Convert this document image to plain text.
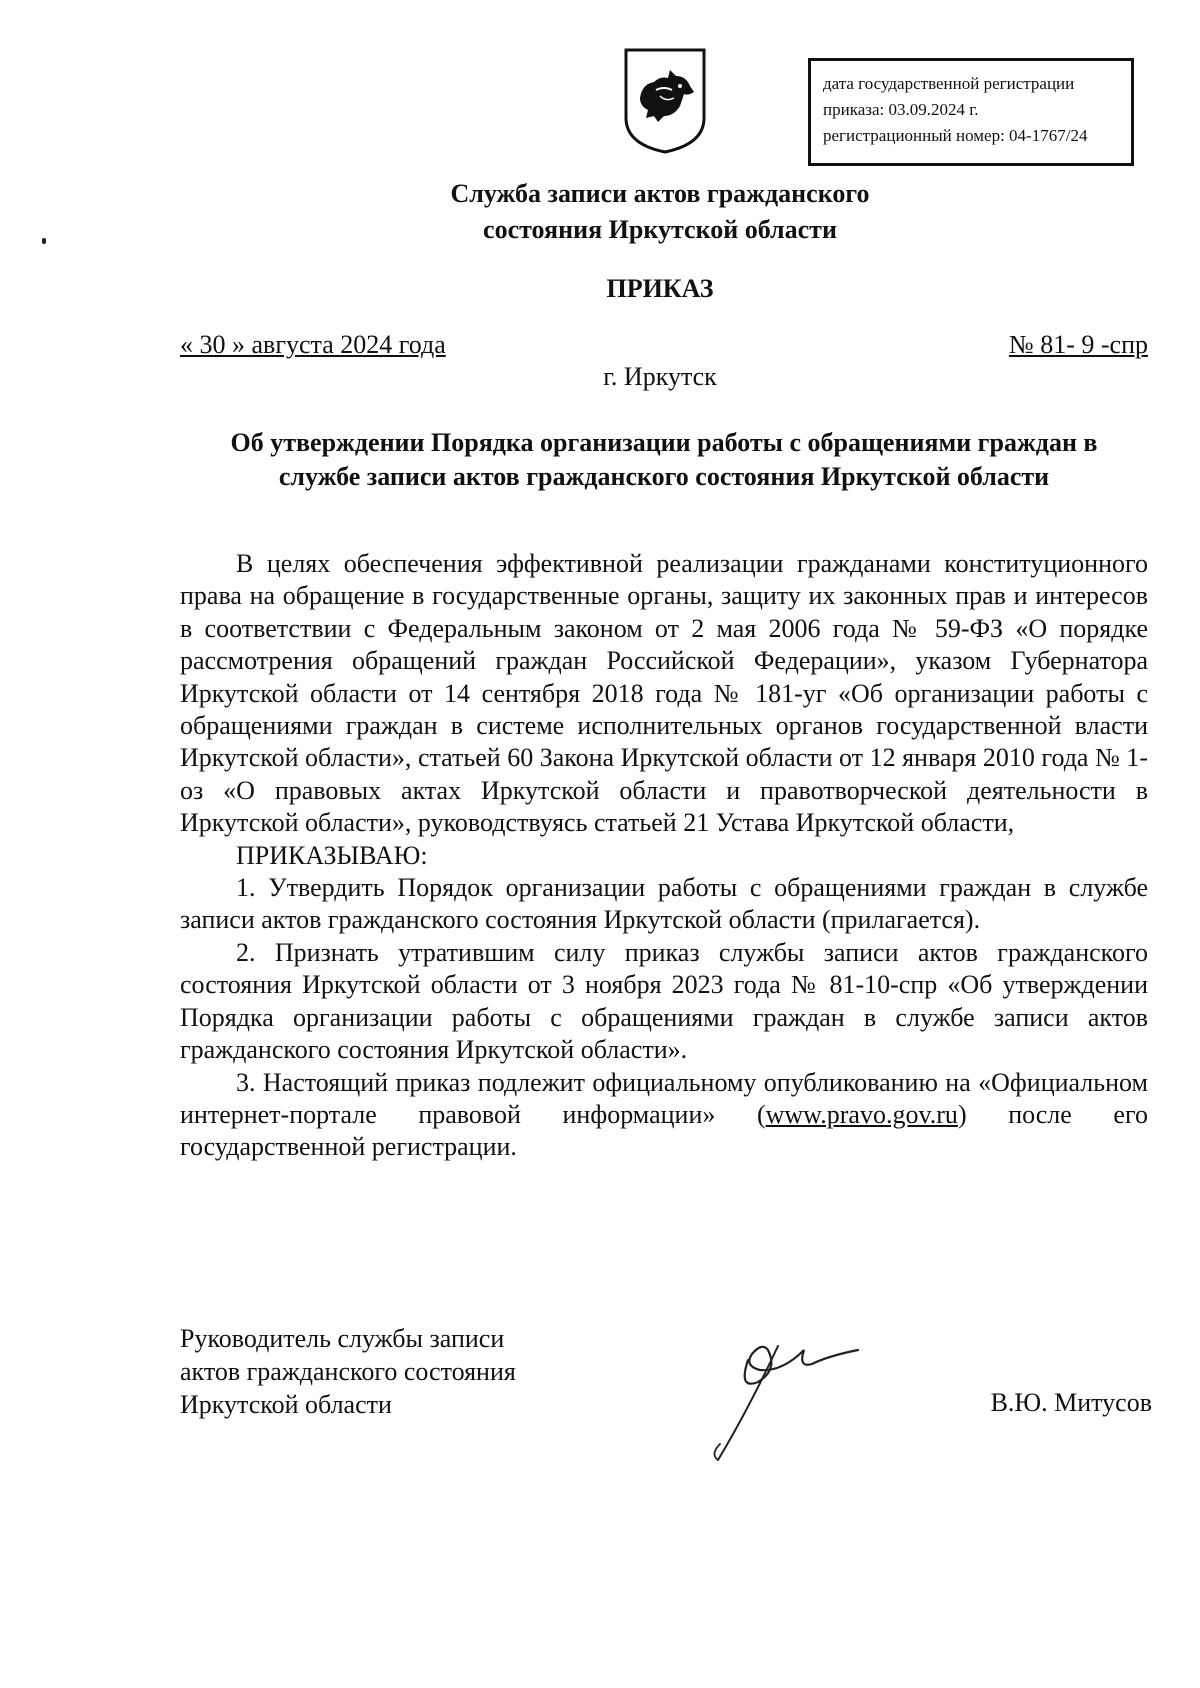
дата государственной регистрации
приказа: 03.09.2024 г.
регистрационный номер: 04-1767/24
Служба записи актов гражданского
состояния Иркутской области
ПРИКАЗ
« 30 » августа 2024 года	№ 81- 9 -спр
г. Иркутск
Об утверждении Порядка организации работы с обращениями граждан в
службе записи актов гражданского состояния Иркутской области

В целях обеспечения эффективной реализации гражданами конституционного права на обращение в государственные органы, защиту их законных прав и интересов в соответствии с Федеральным законом от 2 мая 2006 года № 59-ФЗ «О порядке рассмотрения обращений граждан Российской Федерации», указом Губернатора Иркутской области от 14 сентября 2018 года № 181-уг «Об организации работы с обращениями граждан в системе исполнительных органов государственной власти Иркутской области», статьей 60 Закона Иркутской области от 12 января 2010 года № 1-оз «О правовых актах Иркутской области и правотворческой деятельности в Иркутской области», руководствуясь статьей 21 Устава Иркутской области,

ПРИКАЗЫВАЮ:

1. Утвердить Порядок организации работы с обращениями граждан в службе записи актов гражданского состояния Иркутской области (прилагается).

2. Признать утратившим силу приказ службы записи актов гражданского состояния Иркутской области от 3 ноября 2023 года № 81-10-спр «Об утверждении Порядка организации работы с обращениями граждан в службе записи актов гражданского состояния Иркутской области».

3. Настоящий приказ подлежит официальному опубликованию на «Официальном интернет-портале правовой информации» (www.pravo.gov.ru) после его государственной регистрации.

Руководитель службы записи
актов гражданского состояния
Иркутской области	В.Ю. Митусов
